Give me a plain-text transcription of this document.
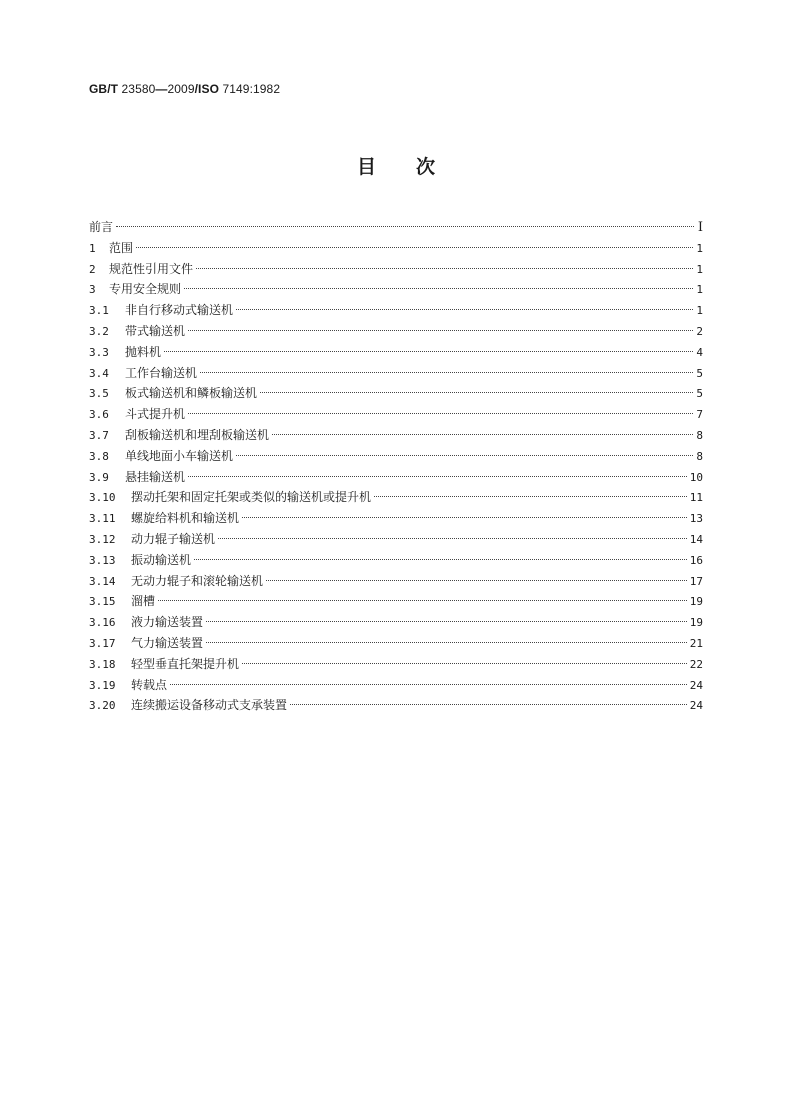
GB/T 23580—2009/ISO 7149:1982
目次
前言	Ⅰ
1	范围	1
2	规范性引用文件	1
3	专用安全规则	1
3.1	非自行移动式输送机	1
3.2	带式输送机	2
3.3	抛料机	4
3.4	工作台输送机	5
3.5	板式输送机和鳞板输送机	5
3.6	斗式提升机	7
3.7	刮板输送机和埋刮板输送机	8
3.8	单线地面小车输送机	8
3.9	悬挂输送机	10
3.10	摆动托架和固定托架或类似的输送机或提升机	11
3.11	螺旋给料机和输送机	13
3.12	动力辊子输送机	14
3.13	振动输送机	16
3.14	无动力辊子和滚轮输送机	17
3.15	溜槽	19
3.16	液力输送装置	19
3.17	气力输送装置	21
3.18	轻型垂直托架提升机	22
3.19	转载点	24
3.20	连续搬运设备移动式支承装置	24
